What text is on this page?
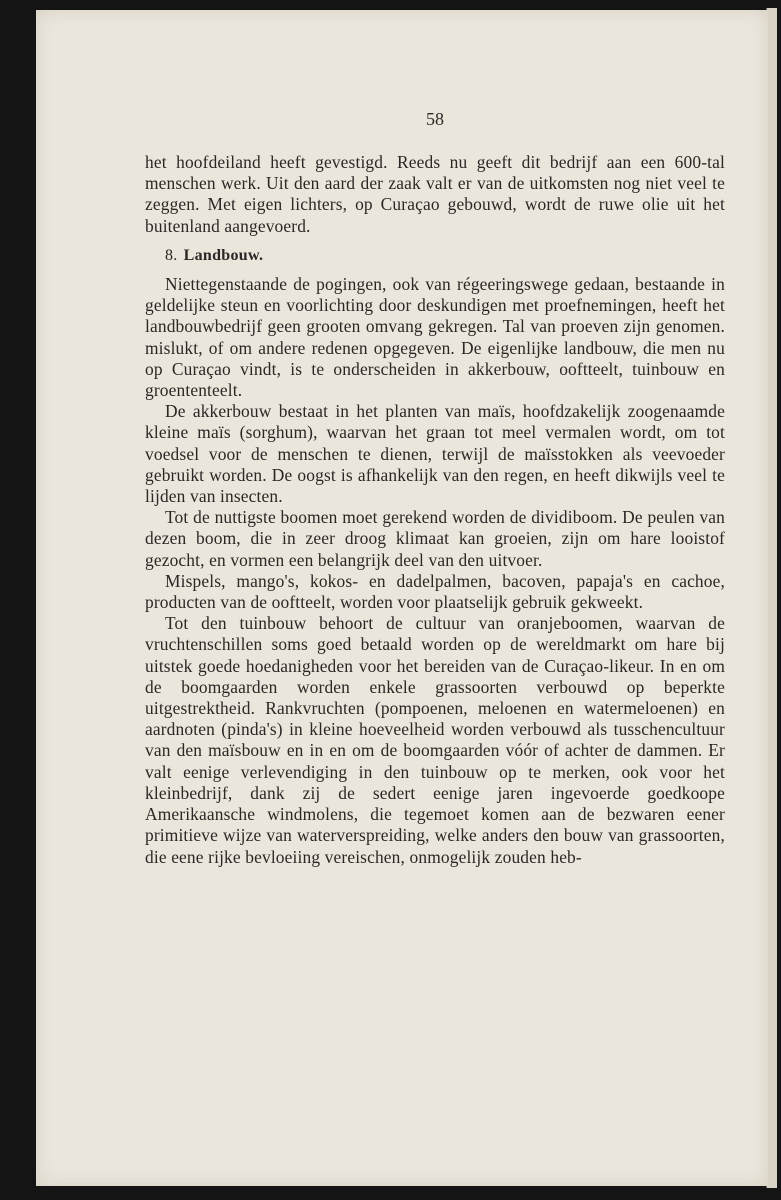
58

het hoofdeiland heeft gevestigd. Reeds nu geeft dit bedrijf aan een 600-tal menschen werk. Uit den aard der zaak valt er van de uitkomsten nog niet veel te zeggen. Met eigen lichters, op Curaçao gebouwd, wordt de ruwe olie uit het buitenland aangevoerd.

8. Landbouw.

Niettegenstaande de pogingen, ook van régeeringswege gedaan, bestaande in geldelijke steun en voorlichting door deskundigen met proefnemingen, heeft het landbouwbedrijf geen grooten omvang gekregen. Tal van proeven zijn genomen. mislukt, of om andere redenen opgegeven. De eigenlijke landbouw, die men nu op Curaçao vindt, is te onderscheiden in akkerbouw, ooftteelt, tuinbouw en groententeelt.

De akkerbouw bestaat in het planten van maïs, hoofdzakelijk zoogenaamde kleine maïs (sorghum), waarvan het graan tot meel vermalen wordt, om tot voedsel voor de menschen te dienen, terwijl de maïsstokken als veevoeder gebruikt worden. De oogst is afhankelijk van den regen, en heeft dikwijls veel te lijden van insecten.

Tot de nuttigste boomen moet gerekend worden de dividiboom. De peulen van dezen boom, die in zeer droog klimaat kan groeien, zijn om hare looistof gezocht, en vormen een belangrijk deel van den uitvoer.

Mispels, mango's, kokos- en dadelpalmen, bacoven, papaja's en cachoe, producten van de ooftteelt, worden voor plaatselijk gebruik gekweekt.

Tot den tuinbouw behoort de cultuur van oranjeboomen, waarvan de vruchtenschillen soms goed betaald worden op de wereldmarkt om hare bij uitstek goede hoedanigheden voor het bereiden van de Curaçao-likeur. In en om de boomgaarden worden enkele grassoorten verbouwd op beperkte uitgestrektheid. Rankvruchten (pompoenen, meloenen en watermeloenen) en aardnoten (pinda's) in kleine hoeveelheid worden verbouwd als tusschencultuur van den maïsbouw en in en om de boomgaarden vóór of achter de dammen. Er valt eenige verlevendiging in den tuinbouw op te merken, ook voor het kleinbedrijf, dank zij de sedert eenige jaren ingevoerde goedkoope Amerikaansche windmolens, die tegemoet komen aan de bezwaren eener primitieve wijze van waterverspreiding, welke anders den bouw van grassoorten, die eene rijke bevloeiing vereischen, onmogelijk zouden heb-
